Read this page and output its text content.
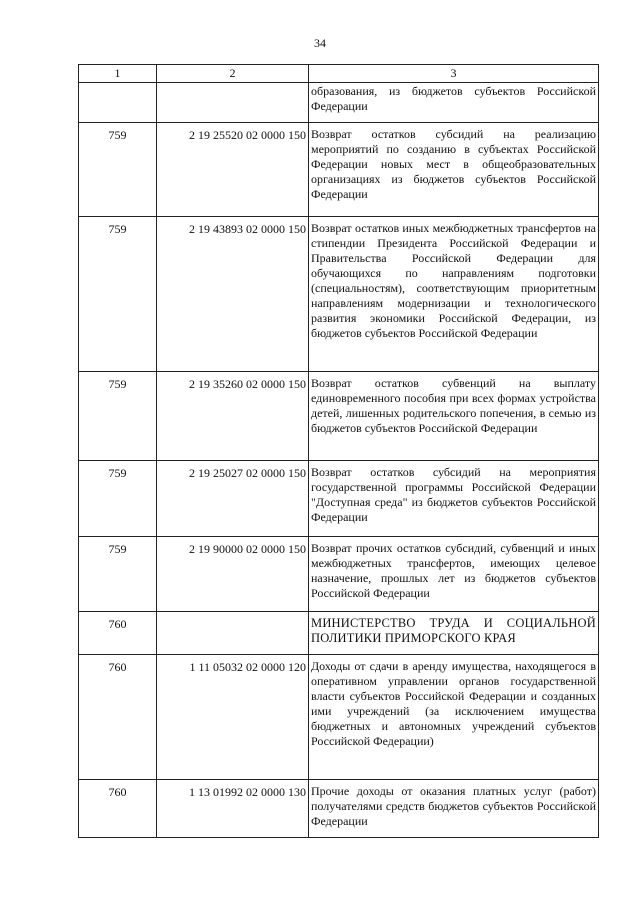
34
1	2	3
		образования, из бюджетов субъектов Российской Федерации
759	2 19 25520 02 0000 150	Возврат остатков субсидий на реализацию мероприятий по созданию в субъектах Российской Федерации новых мест в общеобразовательных организациях из бюджетов субъектов Российской Федерации
759	2 19 43893 02 0000 150	Возврат остатков иных межбюджетных трансфертов на стипендии Президента Российской Федерации и Правительства Российской Федерации для обучающихся по направлениям подготовки (специальностям), соответствующим приоритетным направлениям модернизации и технологического развития экономики Российской Федерации, из бюджетов субъектов Российской Федерации
759	2 19 35260 02 0000 150	Возврат остатков субвенций на выплату единовременного пособия при всех формах устройства детей, лишенных родительского попечения, в семью из бюджетов субъектов Российской Федерации
759	2 19 25027 02 0000 150	Возврат остатков субсидий на мероприятия государственной программы Российской Федерации "Доступная среда" из бюджетов субъектов Российской Федерации
759	2 19 90000 02 0000 150	Возврат прочих остатков субсидий, субвенций и иных межбюджетных трансфертов, имеющих целевое назначение, прошлых лет из бюджетов субъектов Российской Федерации
760		МИНИСТЕРСТВО ТРУДА И СОЦИАЛЬНОЙ ПОЛИТИКИ ПРИМОРСКОГО КРАЯ
760	1 11 05032 02 0000 120	Доходы от сдачи в аренду имущества, находящегося в оперативном управлении органов государственной власти субъектов Российской Федерации и созданных ими учреждений (за исключением имущества бюджетных и автономных учреждений субъектов Российской Федерации)
760	1 13 01992 02 0000 130	Прочие доходы от оказания платных услуг (работ) получателями средств бюджетов субъектов Российской Федерации
